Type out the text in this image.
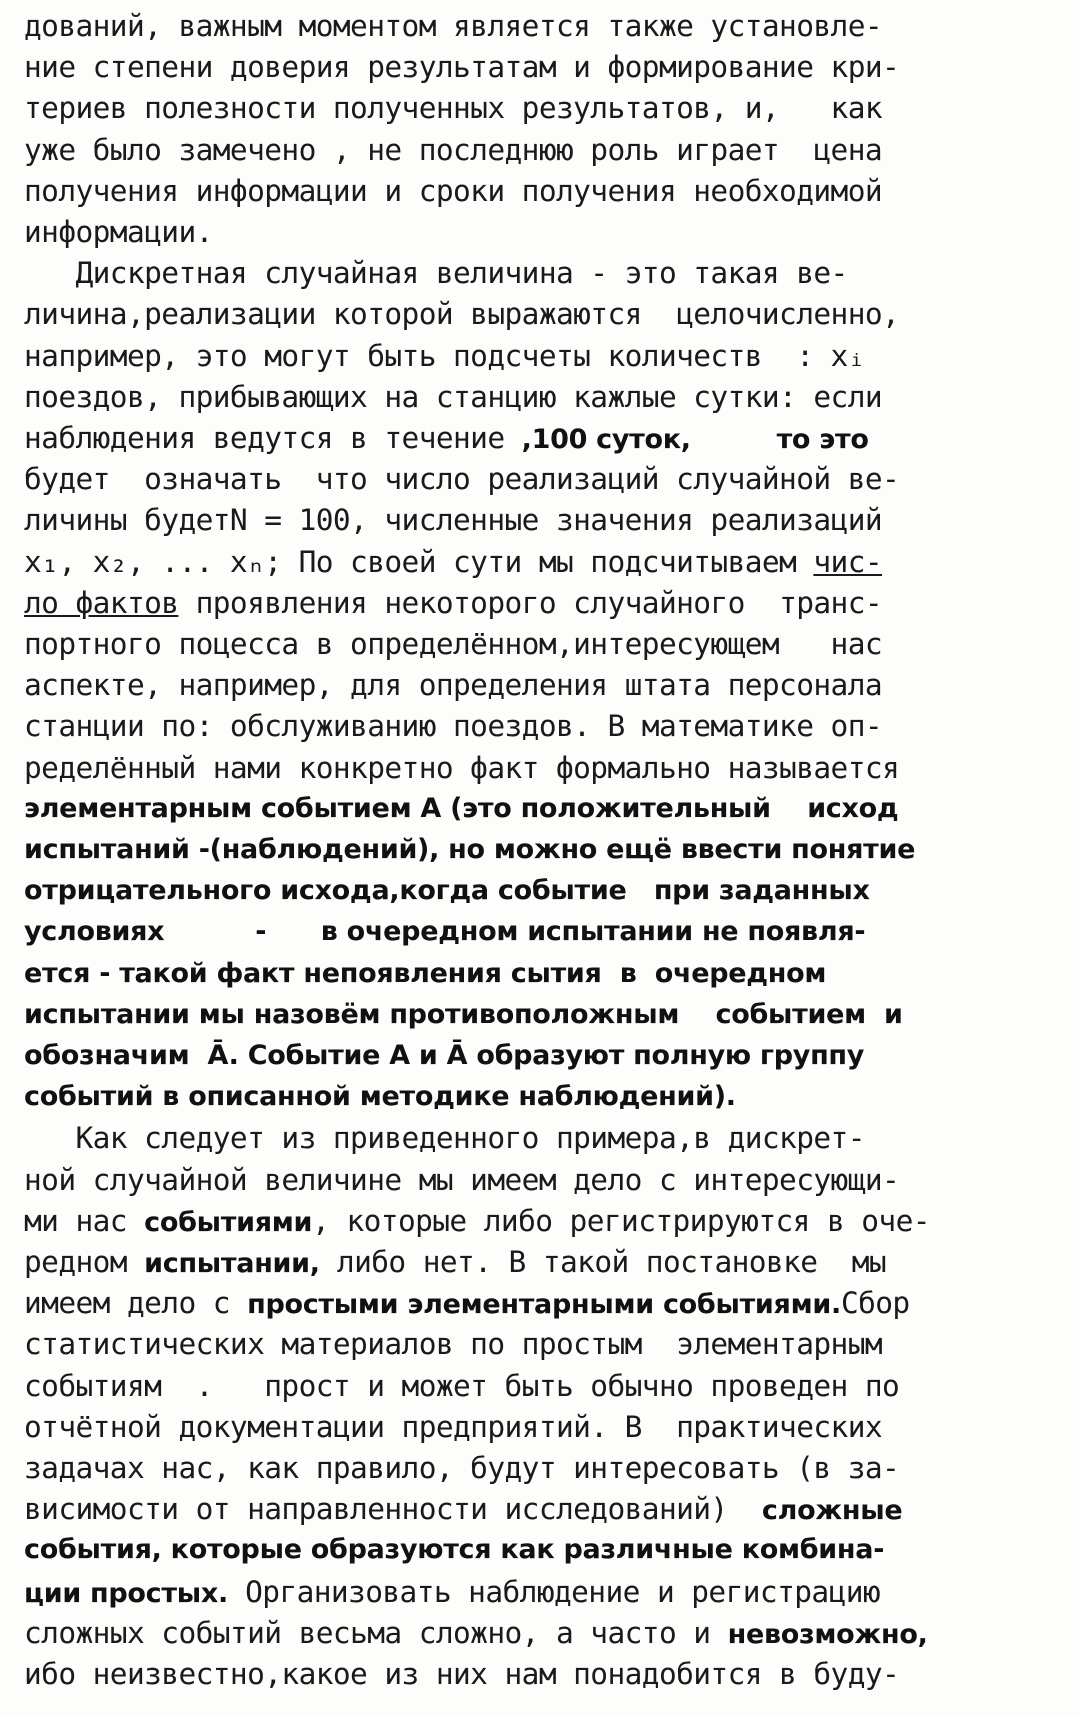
дований, важным моментом является также установле-
ние степени доверия результатам и формирование кри-
териев полезности полученных результатов, и,   как
уже было замечено , не последнюю роль играет  цена
получения информации и сроки получения необходимой
информации.
Дискретная случайная величина - это такая ве-
личина,реализации которой выражаются  целочисленно,
например, это могут быть подсчеты количеств  : xᵢ
поездов, прибывающих на станцию кажлые сутки: если
наблюдения ведутся в течение ,100 суток,	то это
будет  означать  что число реализаций случайной ве-
личины будетN = 100, численные значения реализаций
x₁, x₂, ... xₙ; По своей сути мы подсчитываем чис-
ло фактов проявления некоторого случайного  транс-
портного поцесса в определённом,интересующем   нас
аспекте, например, для определения штата персонала
станции по: обслуживанию поездов. В математике оп-
ределённый нами конкретно факт формально называется
элементарным событием А (это положительный    исход
испытаний -(наблюдений), но можно ещё ввести понятие
отрицательного исхода,когда событие   при заданных
условиях          -      в очередном испытании не появля-
ется - такой факт непоявления сытия  в  очередном
испытании мы назовём противоположным    событием  и
обозначим  Ā. Событие А и Ā образуют полную группу
событий в описанной методике наблюдений).
Как следует из приведенного примера,в дискрет-
ной случайной величине мы имеем дело с интересующи-
ми нас событиями, которые либо регистрируются в оче-
редном испытании, либо нет. В такой постановке  мы
имеем дело с простыми элементарными событиями.Сбор
статистических материалов по простым  элементарным
событиям  .   прост и может быть обычно проведен по
отчётной документации предприятий. В  практических
задачах нас, как правило, будут интересовать (в за-
висимости от направленности исследований)  сложные
события, которые образуются как различные комбина-
ции простых. Организовать наблюдение и регистрацию
сложных событий весьма сложно, а часто и невозможно,
ибо неизвестно,какое из них нам понадобится в буду-
